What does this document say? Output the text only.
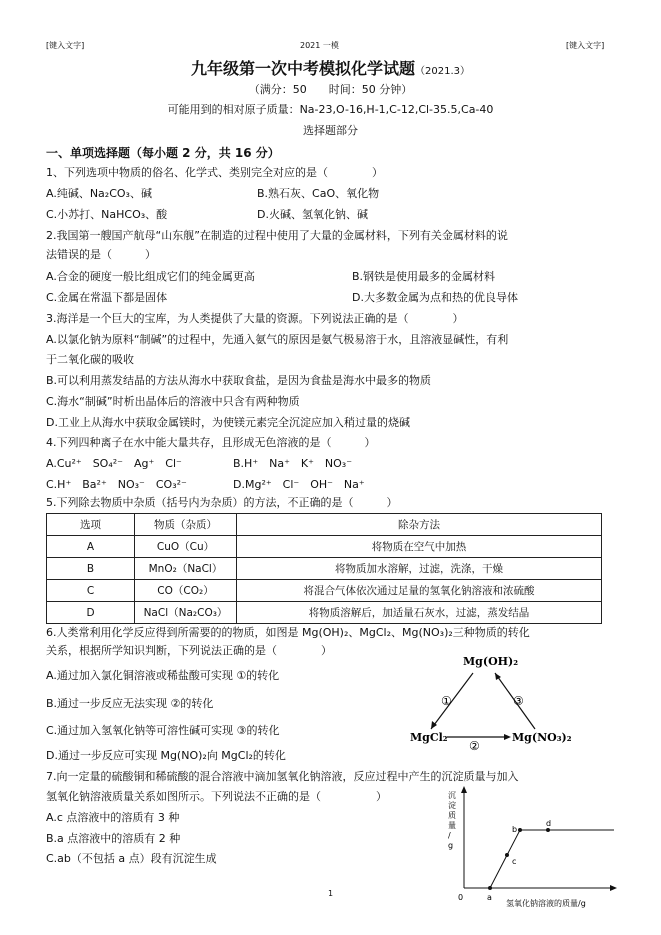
[键入文字]	2021 一模	[键入文字]
九年级第一次中考模拟化学试题（2021.3）
（满分：50　　时间：50 分钟）
可能用到的相对原子质量：Na-23,O-16,H-1,C-12,Cl-35.5,Ca-40
选择题部分
一、单项选择题（每小题 2 分，共 16 分）
1、下列选项中物质的俗名、化学式、类别完全对应的是（　　　　）
A.纯碱、Na₂CO₃、碱	B.熟石灰、CaO、氧化物
C.小苏打、NaHCO₃、酸	D.火碱、氢氧化钠、碱
2.我国第一艘国产航母“山东舰”在制造的过程中使用了大量的金属材料，下列有关金属材料的说
法错误的是（　　　）
A.合金的硬度一般比组成它们的纯金属更高	B.钢铁是使用最多的金属材料
C.金属在常温下都是固体	D.大多数金属为点和热的优良导体
3.海洋是一个巨大的宝库，为人类提供了大量的资源。下列说法正确的是（　　　　）
A.以氯化钠为原料“制碱”的过程中，先通入氨气的原因是氨气极易溶于水，且溶液显碱性，有利
于二氧化碳的吸收
B.可以利用蒸发结晶的方法从海水中获取食盐，是因为食盐是海水中最多的物质
C.海水“制碱”时析出晶体后的溶液中只含有两种物质
D.工业上从海水中获取金属镁时，为使镁元素完全沉淀应加入稍过量的烧碱
4.下列四种离子在水中能大量共存，且形成无色溶液的是（　　　）
A.Cu²⁺　SO₄²⁻　Ag⁺　Cl⁻	B.H⁺　Na⁺　K⁺　NO₃⁻
C.H⁺　Ba²⁺　NO₃⁻　CO₃²⁻	D.Mg²⁺　Cl⁻　OH⁻　Na⁺
5.下列除去物质中杂质（括号内为杂质）的方法，不正确的是（　　　）
选项	物质（杂质）	除杂方法
A	CuO（Cu）	将物质在空气中加热
B	MnO₂（NaCl）	将物质加水溶解，过滤，洗涤，干燥
C	CO（CO₂）	将混合气体依次通过足量的氢氧化钠溶液和浓硫酸
D	NaCl（Na₂CO₃）	将物质溶解后，加适量石灰水，过滤，蒸发结晶
6.人类常利用化学反应得到所需要的的物质，如图是 Mg(OH)₂、MgCl₂、Mg(NO₃)₂三种物质的转化
关系，根据所学知识判断，下列说法正确的是（　　　　）
A.通过加入氯化铜溶液或稀盐酸可实现 ①的转化
B.通过一步反应无法实现 ②的转化
C.通过加入氢氧化钠等可溶性碱可实现 ③的转化
D.通过一步反应可实现 Mg(NO)₂向 MgCl₂的转化
Mg(OH)₂
MgCl₂	Mg(NO₃)₂
①	③
②
7.向一定量的硫酸铜和稀硫酸的混合溶液中滴加氢氧化钠溶液，反应过程中产生的沉淀质量与加入
氢氧化钠溶液质量关系如图所示。下列说法不正确的是（　　　　　）
A.c 点溶液中的溶质有 3 种
B.a 点溶液中的溶质有 2 种
C.ab（不包括 a 点）段有沉淀生成
a
b
c
d
0
氢氧化钠溶液的质量/g
沉淀质量/ g
1
